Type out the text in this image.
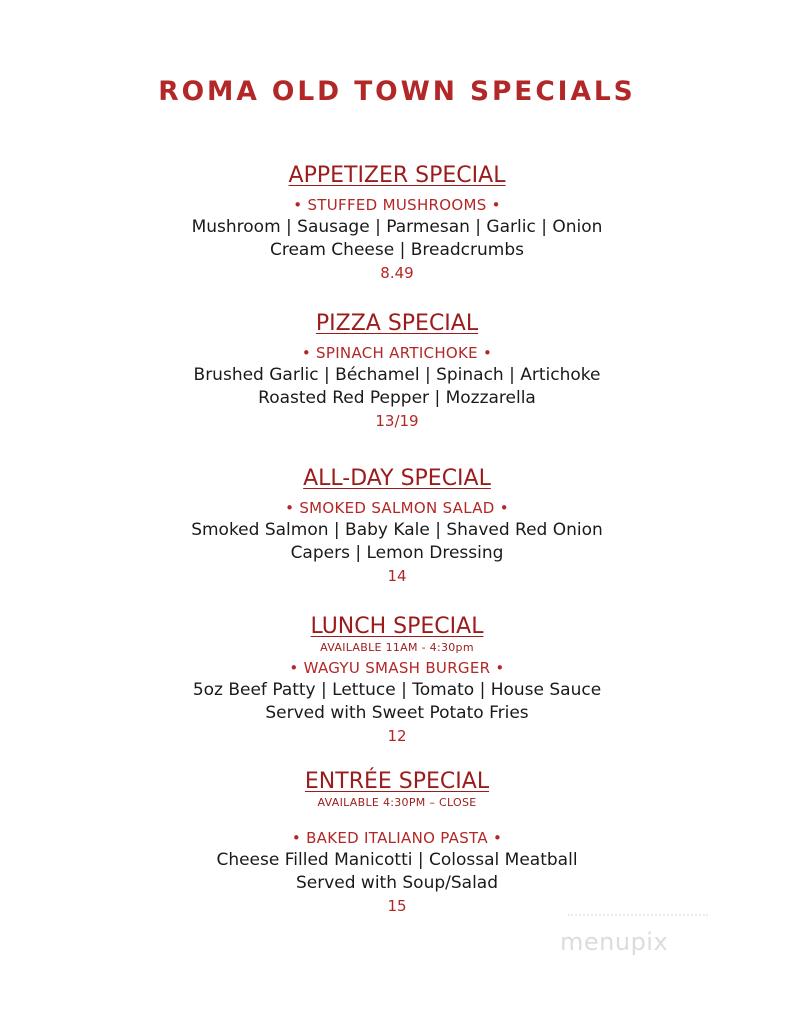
ROMA OLD TOWN SPECIALS
APPETIZER SPECIAL
• STUFFED MUSHROOMS •
Mushroom | Sausage | Parmesan | Garlic | Onion
Cream Cheese | Breadcrumbs
8.49
PIZZA SPECIAL
• SPINACH ARTICHOKE •
Brushed Garlic | Béchamel | Spinach | Artichoke
Roasted Red Pepper | Mozzarella
13/19
ALL-DAY SPECIAL
• SMOKED SALMON SALAD •
Smoked Salmon | Baby Kale | Shaved Red Onion
Capers | Lemon Dressing
14
LUNCH SPECIAL
AVAILABLE 11AM - 4:30pm
• WAGYU SMASH BURGER •
5oz Beef Patty | Lettuce | Tomato | House Sauce
Served with Sweet Potato Fries
12
ENTRÉE SPECIAL
AVAILABLE 4:30PM – CLOSE
• BAKED ITALIANO PASTA •
Cheese Filled Manicotti | Colossal Meatball
Served with Soup/Salad
15
menupix
